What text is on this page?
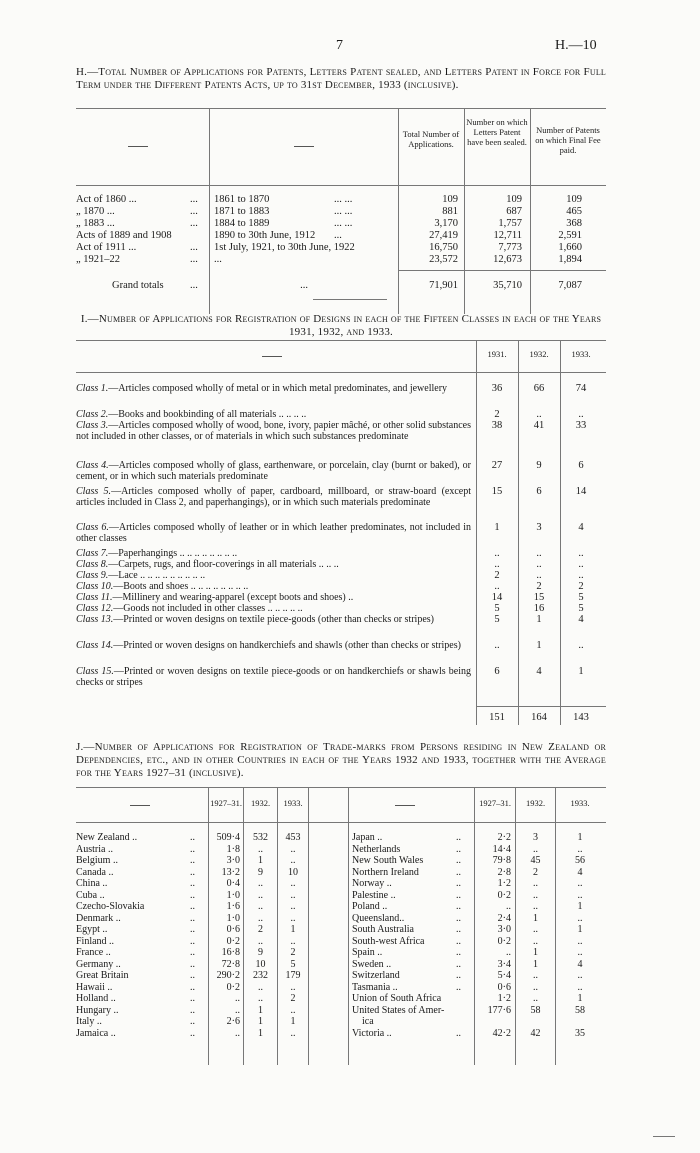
7	H.—10
H.—Total Number of Applications for Patents, Letters Patent sealed, and Letters Patent in Force for Full Term under the Different Patents Acts, up to 31st December, 1933 (inclusive).
Total Number of Applications.
Number on which Letters Patent have been sealed.
Number of Patents on which Final Fee paid.
Act of 1860 ...	... 1861 to 1870	... ...	109	109	109
„ 1870 ...	... 1871 to 1883	... ...	881	687	465
„ 1883 ...	... 1884 to 1889	... ...	3,170	1,757	368
Acts of 1889 and 1908	1890 to 30th June, 1912 ...	27,419	12,711	2,591
Act of 1911 ...	... 1st July, 1921, to 30th June, 1922	16,750	7,773	1,660
„ 1921–22	... ...	23,572	12,673	1,894
Grand totals	...	...	71,901	35,710	7,087
I.—Number of Applications for Registration of Designs in each of the Fifteen Classes in each of the Years 1931, 1932, and 1933.
1931.	1932.	1933.
Class 1.—Articles composed wholly of metal or in which metal predominates, and jewellery	36	66	74
Class 2.—Books and bookbinding of all materials .. .. .. ..	2	..	..
Class 3.—Articles composed wholly of wood, bone, ivory, papier mâché, or other solid substances not included in other classes, or of materials in which such substances predominate
38	41	33
Class 4.—Articles composed wholly of glass, earthenware, or porcelain, clay (burnt or baked), or cement, or in which such materials predominate
27	9	6
Class 5.—Articles composed wholly of paper, cardboard, millboard, or straw-board (except articles included in Class 2, and paperhangings), or in which such materials predominate
15	6	14
Class 6.—Articles composed wholly of leather or in which leather predominates, not included in other classes
1	3	4
Class 7.—Paperhangings .. .. .. .. .. .. .. ..	..	..	..
Class 8.—Carpets, rugs, and floor-coverings in all materials .. .. ..	..	..	..
Class 9.—Lace .. .. .. .. .. .. .. .. ..	2	..	..
Class 10.—Boots and shoes .. .. .. .. .. .. .. ..	..	2	2
Class 11.—Millinery and wearing-apparel (except boots and shoes) ..	14	15	5
Class 12.—Goods not included in other classes .. .. .. .. ..	5	16	5
Class 13.—Printed or woven designs on textile piece-goods (other than checks or stripes)	5	1	4
Class 14.—Printed or woven designs on handkerchiefs and shawls (other than checks or stripes)	..	1	..
Class 15.—Printed or woven designs on textile piece-goods or on handkerchiefs or shawls being checks or stripes
6	4	1
151	164	143
J.—Number of Applications for Registration of Trade-marks from Persons residing in New Zealand or Dependencies, etc., and in other Countries in each of the Years 1932 and 1933, together with the Average for the Years 1927–31 (inclusive).
1927–31.	1932.	1933.	1927–31.	1932.	1933.
New Zealand ..	..	509·4	532	453
Austria ..	..	1·8	..	..
Belgium ..	..	3·0	1	..
Canada ..	..	13·2	9	10
China ..	..	0·4	..	..
Cuba ..	..	1·0	..	..
Czecho-Slovakia	..	1·6	..	..
Denmark ..	..	1·0	..	..
Egypt ..	..	0·6	2	1
Finland ..	..	0·2	..	..
France ..	..	16·8	9	2
Germany ..	..	72·8	10	5
Great Britain	..	290·2	232	179
Hawaii ..	..	0·2	..	..
Holland ..	..	..	..	2
Hungary ..	..	..	1	..
Italy ..	..	2·6	1	1
Jamaica ..	..	..	1	..
Japan ..	..	2·2	3	1
Netherlands	..	14·4	..	..
New South Wales	..	79·8	45	56
Northern Ireland	..	2·8	2	4
Norway ..	..	1·2	..	..
Palestine ..	..	0·2	..	..
Poland ..	..	..	..	1
Queensland..	..	2·4	1	..
South Australia	..	3·0	..	1
South-west Africa	..	0·2	..	..
Spain ..	..	..	1	..
Sweden ..	..	3·4	1	4
Switzerland	..	5·4	..	..
Tasmania ..	..	0·6	..	..
Union of South Africa	1·2	..	1
United States of Amer-	177·6	58	58
ica
Victoria ..	..	42·2	42	35
